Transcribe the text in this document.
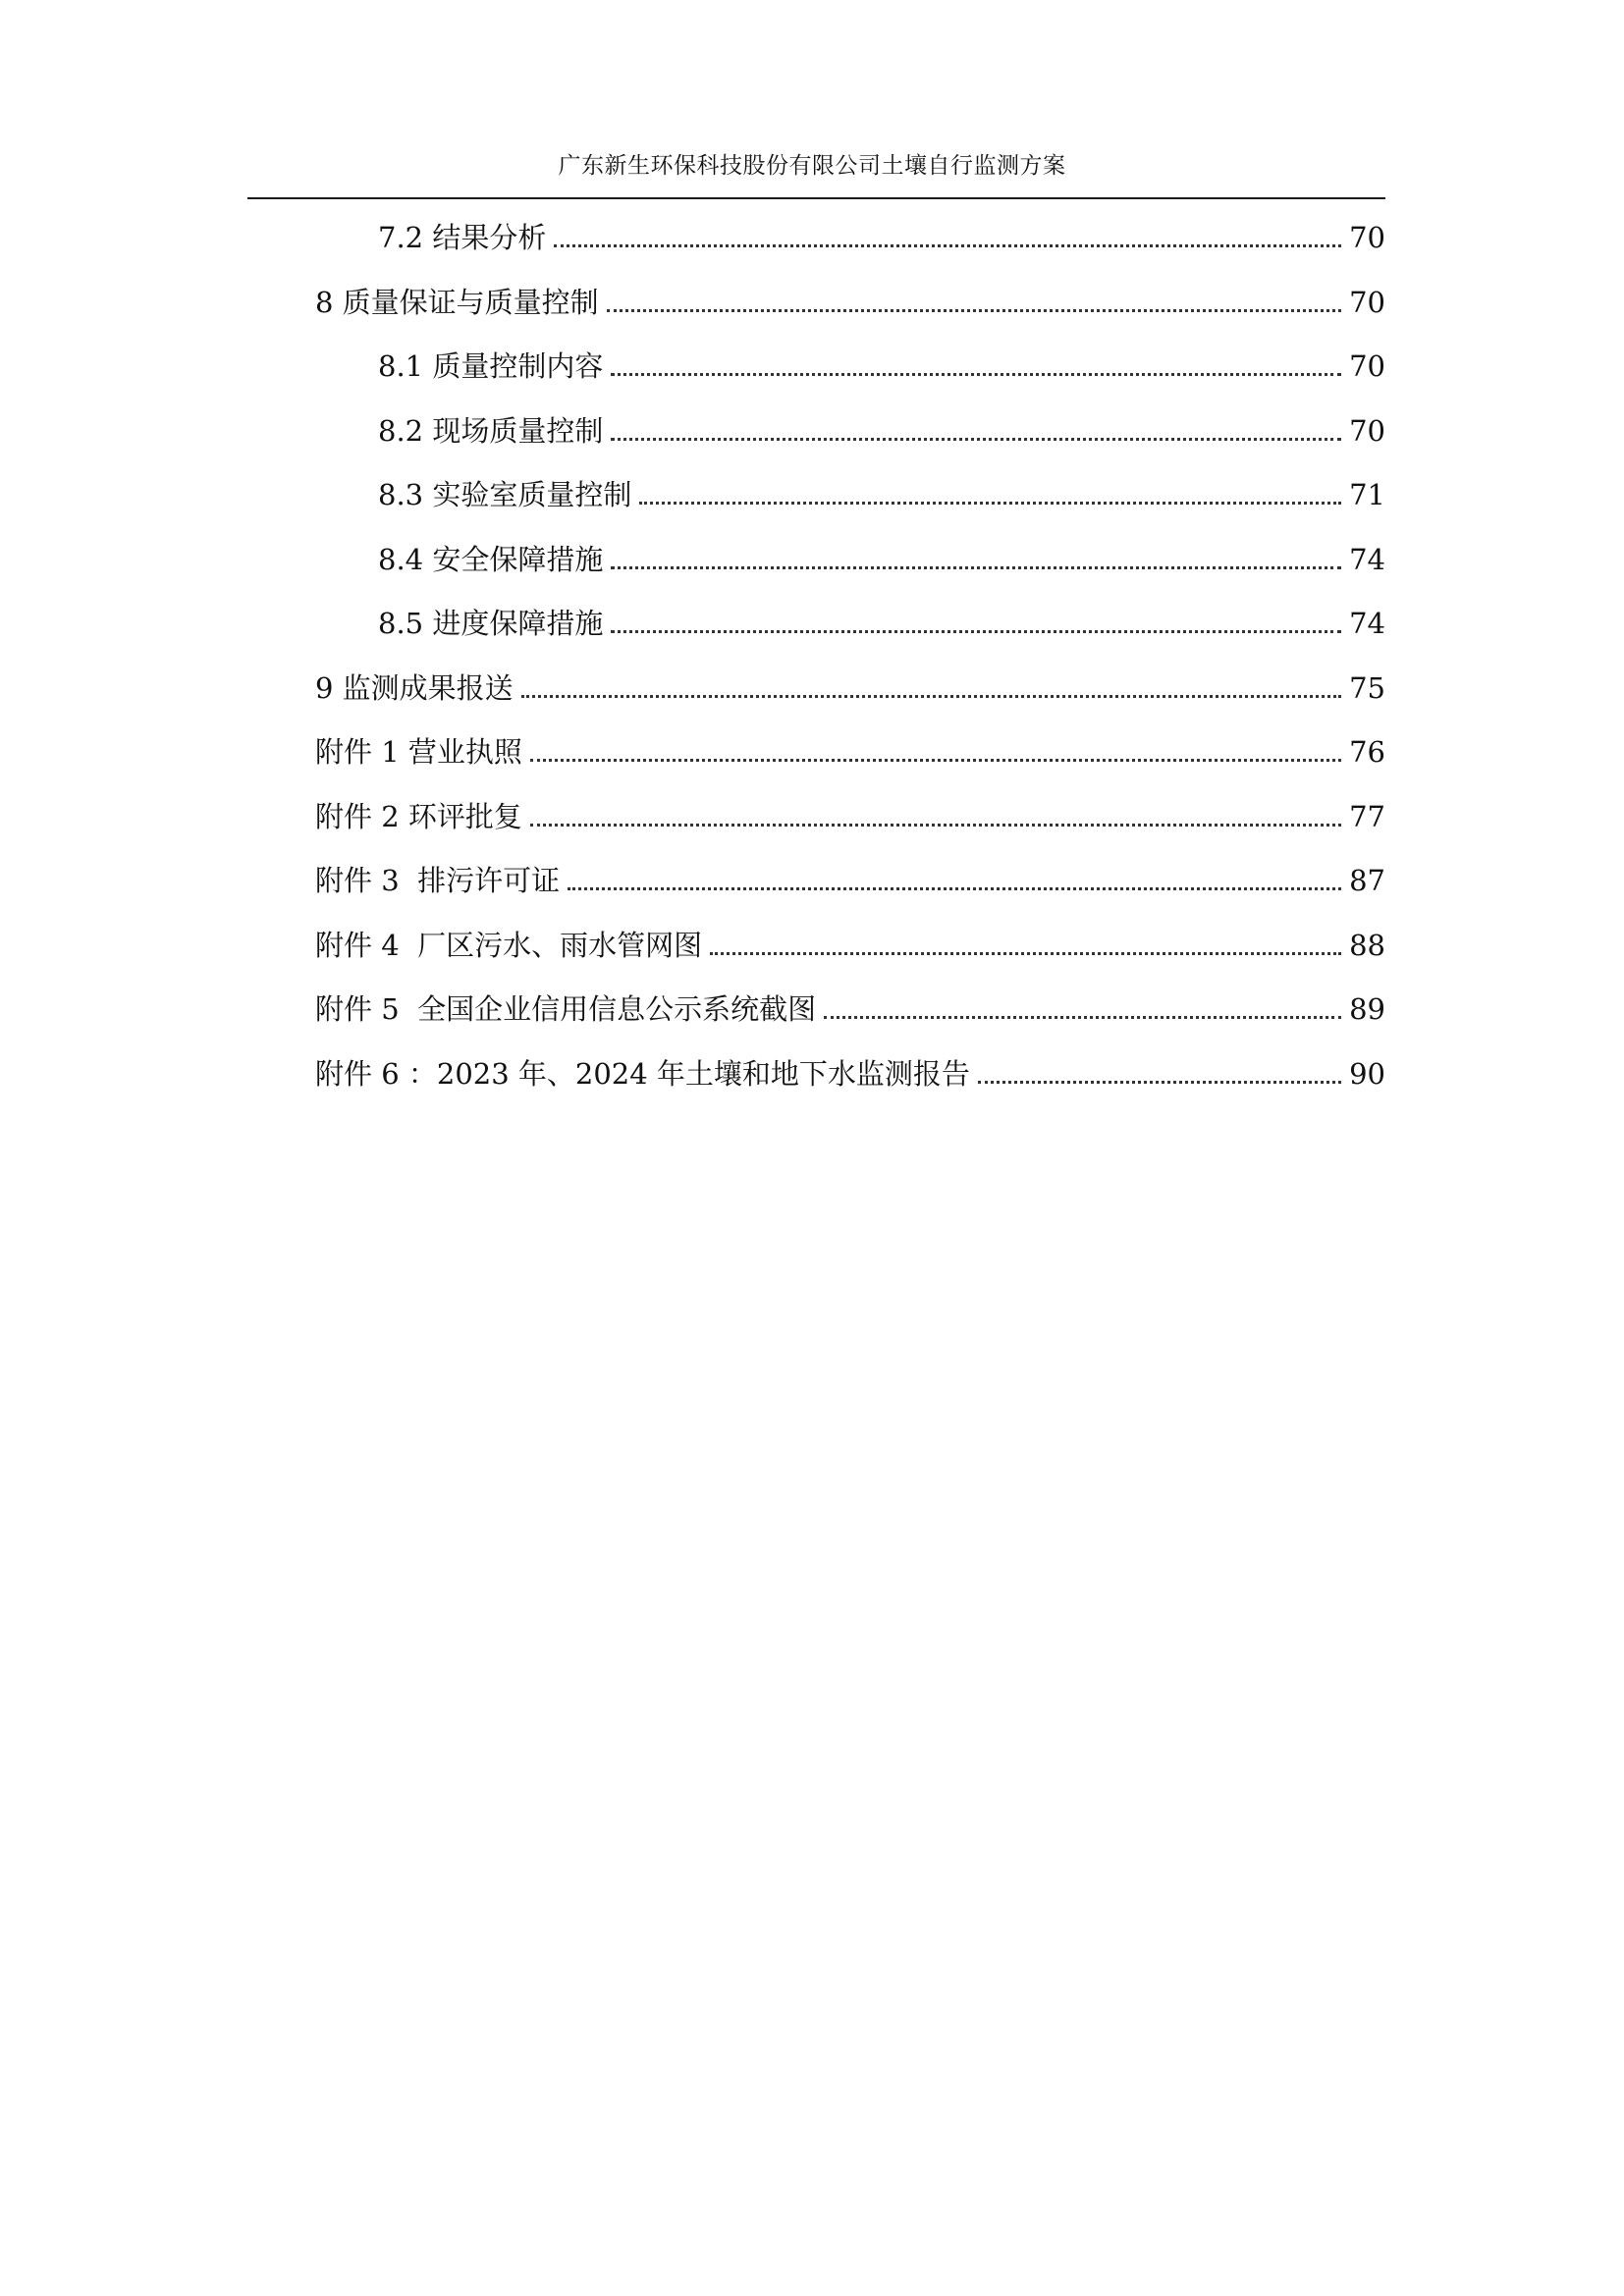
广东新生环保科技股份有限公司土壤自行监测方案
7.2 结果分析	70
8 质量保证与质量控制	70
8.1 质量控制内容	70
8.2 现场质量控制	70
8.3 实验室质量控制	71
8.4 安全保障措施	74
8.5 进度保障措施	74
9 监测成果报送	75
附件 1 营业执照	76
附件 2 环评批复	77
附件 3  排污许可证	87
附件 4  厂区污水、雨水管网图	88
附件 5  全国企业信用信息公示系统截图	89
附件 6 ：2023 年、2024 年土壤和地下水监测报告	90
